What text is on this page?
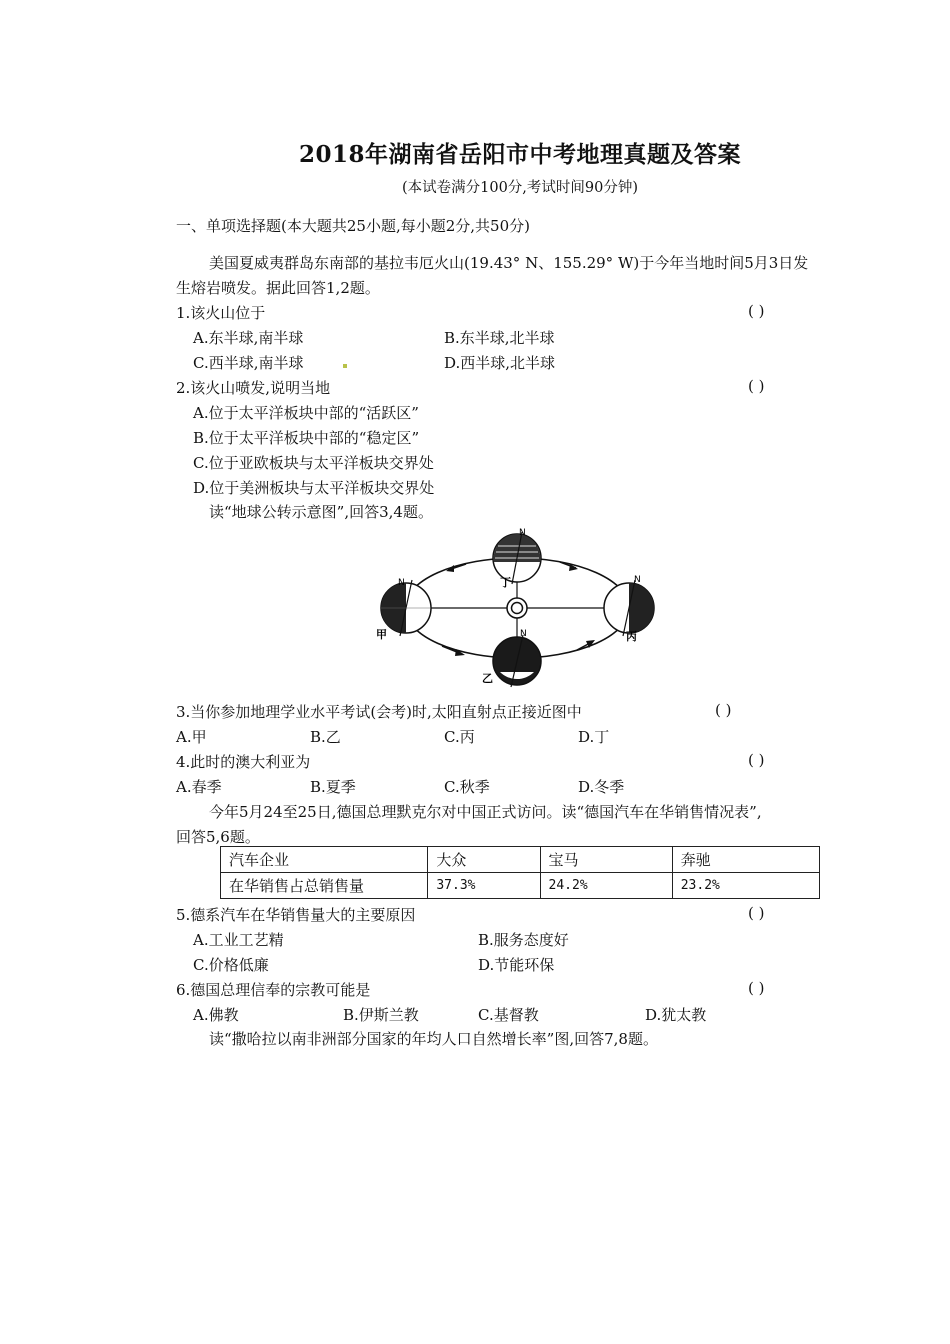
2018年湖南省岳阳市中考地理真题及答案
(本试卷满分100分,考试时间90分钟)
一、单项选择题(本大题共25小题,每小题2分,共50分)
美国夏威夷群岛东南部的基拉韦厄火山(19.43° N、155.29° W)于今年当地时间5月3日发
生熔岩喷发。据此回答1,2题。
1.该火山位于	( )
A.东半球,南半球	B.东半球,北半球
C.西半球,南半球	D.西半球,北半球
2.该火山喷发,说明当地	( )
A.位于太平洋板块中部的“活跃区”
B.位于太平洋板块中部的“稳定区”
C.位于亚欧板块与太平洋板块交界处
D.位于美洲板块与太平洋板块交界处
读“地球公转示意图”,回答3,4题。
N
N
N
N
甲
丁
丙
乙
3.当你参加地理学业水平考试(会考)时,太阳直射点正接近图中	( )
A.甲	B.乙	C.丙	D.丁
4.此时的澳大利亚为	( )
A.春季	B.夏季	C.秋季	D.冬季
今年5月24至25日,德国总理默克尔对中国正式访问。读“德国汽车在华销售情况表”,
回答5,6题。
汽车企业	大众	宝马	奔驰
在华销售占总销售量	37.3%	24.2%	23.2%
5.德系汽车在华销售量大的主要原因	( )
A.工业工艺精	B.服务态度好
C.价格低廉	D.节能环保
6.德国总理信奉的宗教可能是	( )
A.佛教	B.伊斯兰教	C.基督教	D.犹太教
读“撒哈拉以南非洲部分国家的年均人口自然增长率”图,回答7,8题。
